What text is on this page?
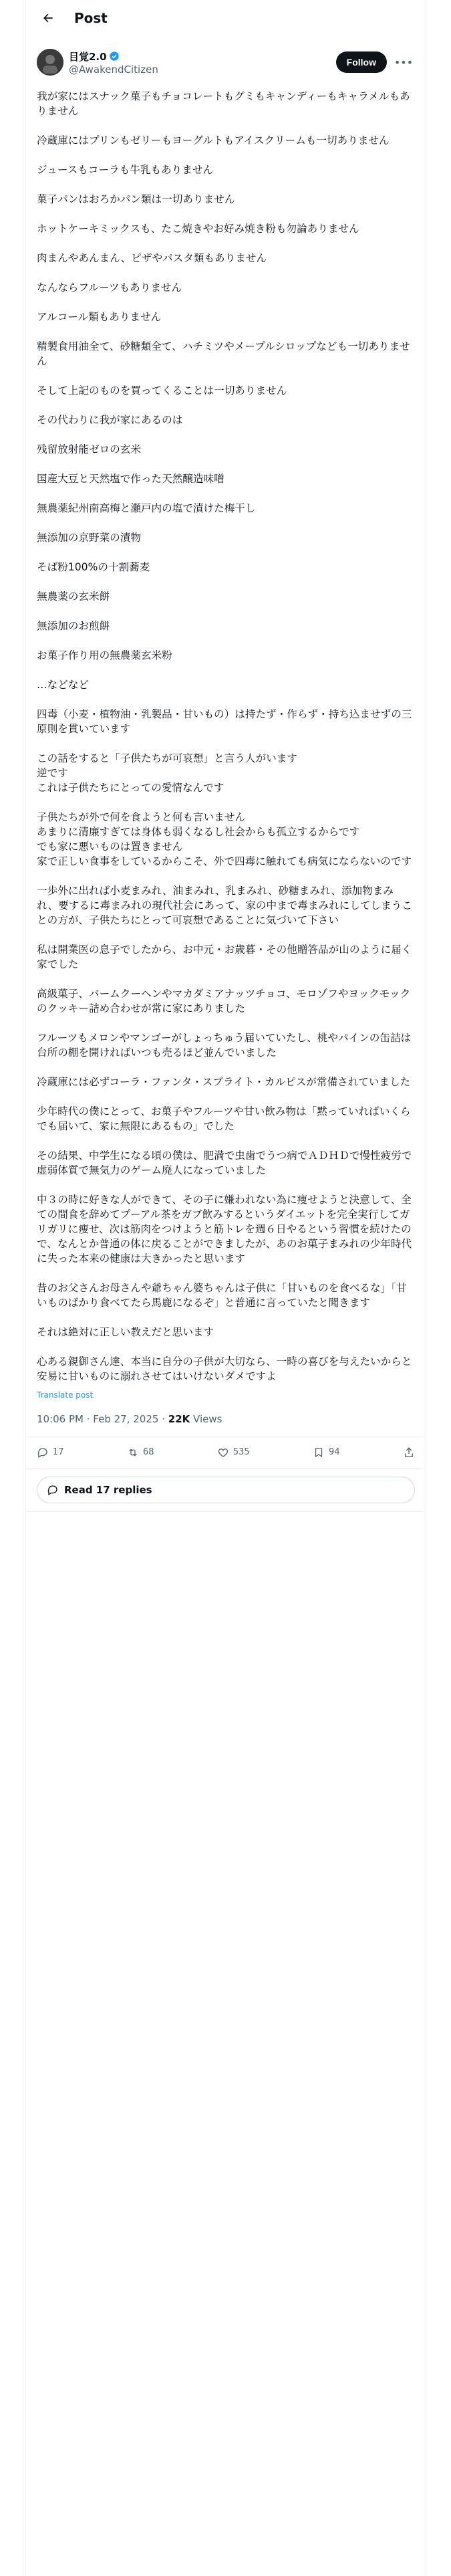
Post
目覚2.0
@AwakendCitizen
Follow	•••
我が家にはスナック菓子もチョコレートもグミもキャンディーもキャラメルもありません
冷蔵庫にはプリンもゼリーもヨーグルトもアイスクリームも一切ありません
ジュースもコーラも牛乳もありません
菓子パンはおろかパン類は一切ありません
ホットケーキミックスも、たこ焼きやお好み焼き粉も勿論ありません
肉まんやあんまん、ピザやパスタ類もありません
なんならフルーツもありません
アルコール類もありません
精製食用油全て、砂糖類全て、ハチミツやメープルシロップなども一切ありません
そして上記のものを買ってくることは一切ありません
その代わりに我が家にあるのは
残留放射能ゼロの玄米
国産大豆と天然塩で作った天然醸造味噌
無農薬紀州南高梅と瀬戸内の塩で漬けた梅干し
無添加の京野菜の漬物
そば粉100%の十割蕎麦
無農薬の玄米餅
無添加のお煎餅
お菓子作り用の無農薬玄米粉
…などなど
四毒（小麦・植物油・乳製品・甘いもの）は持たず・作らず・持ち込ませずの三原則を貫いています
この話をすると「子供たちが可哀想」と言う人がいます
逆です
これは子供たちにとっての愛情なんです
子供たちが外で何を食ようと何も言いません
あまりに清廉すぎては身体も弱くなるし社会からも孤立するからです
でも家に悪いものは置きません
家で正しい食事をしているからこそ、外で四毒に触れても病気にならないのです
一歩外に出れば小麦まみれ、油まみれ、乳まみれ、砂糖まみれ、添加物まみれ、要するに毒まみれの現代社会にあって、家の中まで毒まみれにしてしまうことの方が、子供たちにとって可哀想であることに気づいて下さい
私は開業医の息子でしたから、お中元・お歳暮・その他贈答品が山のように届く家でした
高級菓子、バームクーヘンやマカダミアナッツチョコ、モロゾフやヨックモックのクッキー詰め合わせが常に家にありました
フルーツもメロンやマンゴーがしょっちゅう届いていたし、桃やパインの缶詰は台所の棚を開ければいつも売るほど並んでいました
冷蔵庫には必ずコーラ・ファンタ・スプライト・カルピスが常備されていました
少年時代の僕にとって、お菓子やフルーツや甘い飲み物は「黙っていればいくらでも届いて、家に無限にあるもの」でした
その結果、中学生になる頃の僕は、肥満で虫歯でうつ病でＡＤＨＤで慢性疲労で虚弱体質で無気力のゲーム廃人になっていました
中３の時に好きな人ができて、その子に嫌われない為に痩せようと決意して、全ての間食を辞めてプーアル茶をガブ飲みするというダイエットを完全実行してガリガリに痩せ、次は筋肉をつけようと筋トレを週６日やるという習慣を続けたので、なんとか普通の体に戻ることができましたが、あのお菓子まみれの少年時代に失った本来の健康は大きかったと思います
昔のお父さんお母さんや爺ちゃん婆ちゃんは子供に「甘いものを食べるな」「甘いものばかり食べてたら馬鹿になるぞ」と普通に言っていたと聞きます
それは絶対に正しい教えだと思います
心ある親御さん達、本当に自分の子供が大切なら、一時の喜びを与えたいからと安易に甘いものに溺れさせてはいけないダメですよ
Translate post
10:06 PM · Feb 27, 2025 · 22K Views
17	68	535	94
Read 17 replies
